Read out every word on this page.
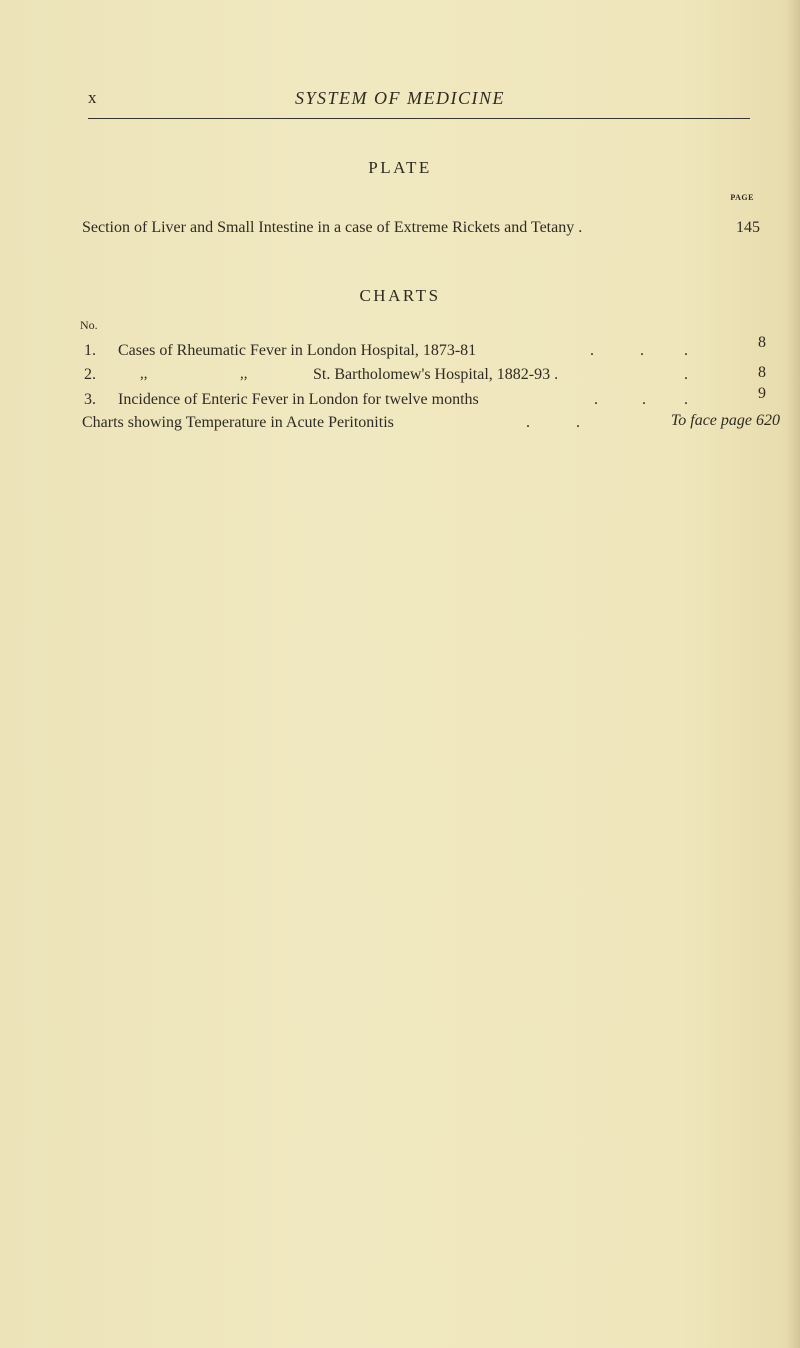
x	SYSTEM OF MEDICINE
PLATE
PAGE
Section of Liver and Small Intestine in a case of Extreme Rickets and Tetany .	145
CHARTS
No.
1. Cases of Rheumatic Fever in London Hospital, 1873-81	.	.	.	8
2.	,,	,,	St. Bartholomew's Hospital, 1882-93 .	.	8
3. Incidence of Enteric Fever in London for twelve months	.	. .	9
Charts showing Temperature in Acute Peritonitis	.	.	To face page 620
